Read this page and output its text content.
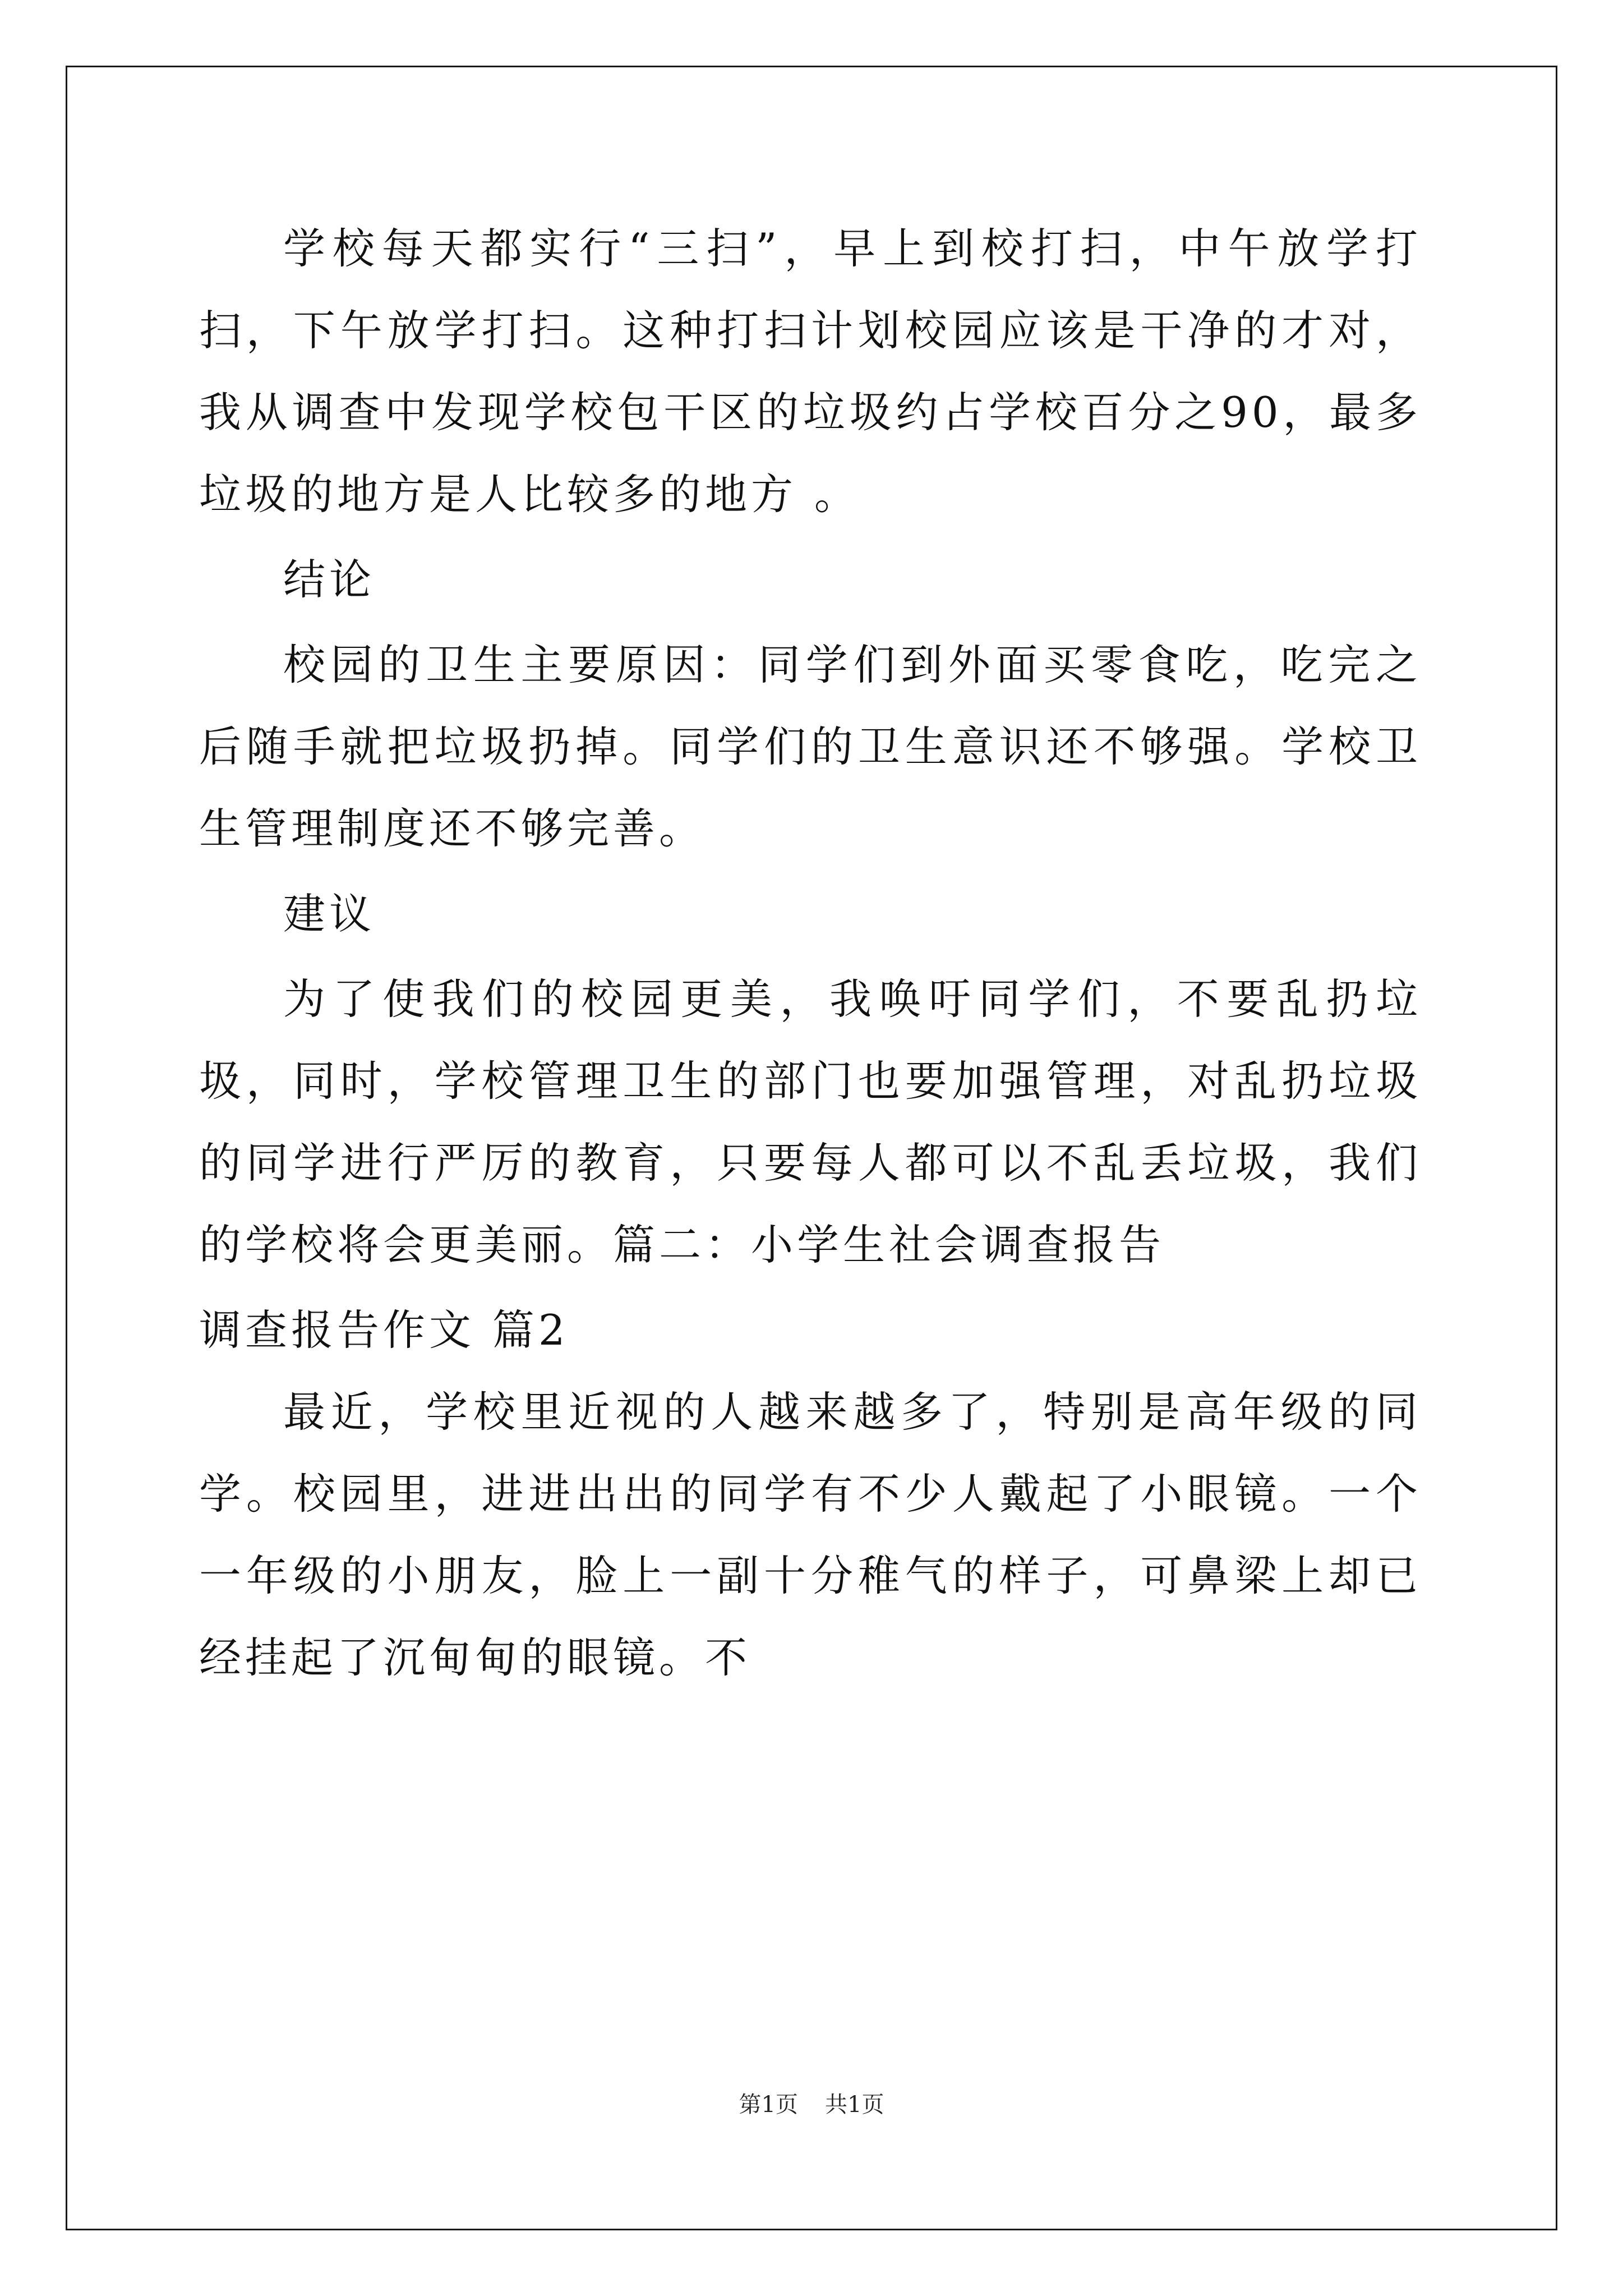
学校每天都实行“三扫”，早上到校打扫，中午放学打扫，下午放学打扫。这种打扫计划校园应该是干净的才对，我从调查中发现学校包干区的垃圾约占学校百分之90，最多垃圾的地方是人比较多的地方 。

结论

校园的卫生主要原因：同学们到外面买零食吃，吃完之后随手就把垃圾扔掉。同学们的卫生意识还不够强。学校卫生管理制度还不够完善。

建议

为了使我们的校园更美，我唤吁同学们，不要乱扔垃圾，同时，学校管理卫生的部门也要加强管理，对乱扔垃圾的同学进行严厉的教育，只要每人都可以不乱丢垃圾，我们的学校将会更美丽。篇二：小学生社会调查报告

调查报告作文 篇2

最近，学校里近视的人越来越多了，特别是高年级的同学。校园里，进进出出的同学有不少人戴起了小眼镜。一个一年级的小朋友，脸上一副十分稚气的样子，可鼻梁上却已经挂起了沉甸甸的眼镜。不

第1页 共1页
